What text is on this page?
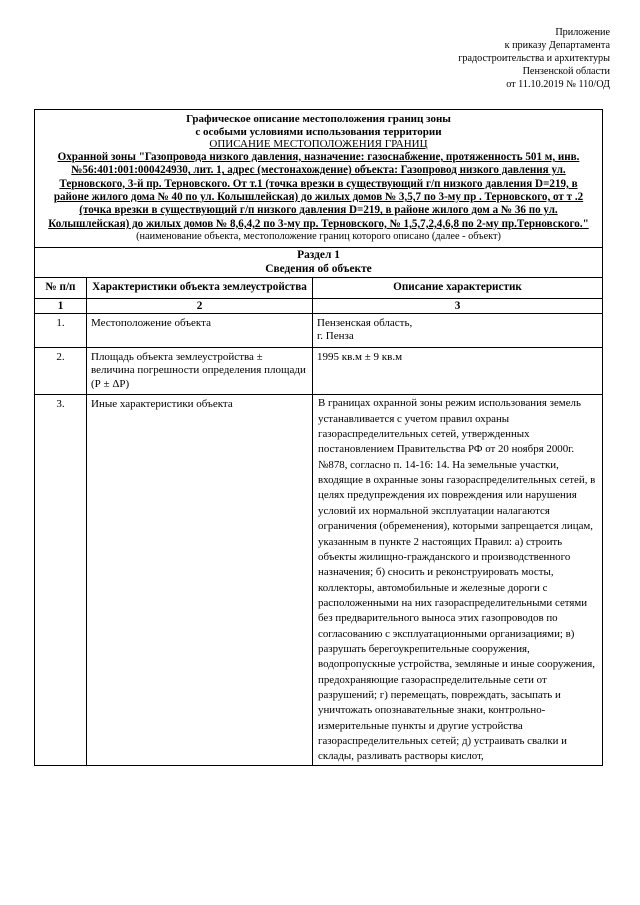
Приложение
к приказу Департамента
градостроительства и архитектуры
Пензенской области
от 11.10.2019 № 110/ОД
Графическое описание местоположения границ зоны
с особыми условиями использования территории
ОПИСАНИЕ МЕСТОПОЛОЖЕНИЯ ГРАНИЦ
Охранной зоны "Газопровода низкого давления, назначение: газоснабжение, протяженность 501 м, инв. №56:401:001:000424930, лит. 1, адрес (местонахождение) объекта: Газопровод низкого давления ул. Терновского, 3-й пр. Терновского. От т.1 (точка врезки в существующий г/п низкого давления D=219, в районе жилого дома № 40 по ул. Колышлейская) до жилых домов № 3,5,7 по 3-му пр . Терновского, от т .2 (точка врезки в существующий г/п низкого давления D=219, в районе жилого дом а № 36 по ул. Колышлейская) до жилых домов № 8,6,4,2 по 3-му пр. Терновского, № 1,5,7,2,4,6,8 по 2-му пр.Терновского."
(наименование объекта, местоположение границ которого описано (далее - объект)		

Раздел 1
Сведения об объекте		

№ п/п	Характеристики объекта землеустройства	Описание характеристик
1	2	3
1.	Местоположение объекта	Пензенская область,
г. Пенза

2.	Площадь объекта землеустройства ± величина погрешности определения площади (Р ± ΔР)	1995 кв.м ± 9 кв.м
3.	Иные характеристики объекта	В границах охранной зоны режим использования земель устанавливается с учетом правил охраны газораспределительных сетей, утвержденных постановлением Правительства РФ от 20 ноября 2000г. №878, согласно п. 14-16: 14. На земельные участки, входящие в охранные зоны газораспределительных сетей, в целях предупреждения их повреждения или нарушения условий их нормальной эксплуатации налагаются ограничения (обременения), которыми запрещается лицам, указанным в пункте 2 настоящих Правил: а) строить объекты жилищно-гражданского и производственного назначения; б) сносить и реконструировать мосты, коллекторы, автомобильные и железные дороги с расположенными на них газораспределительными сетями без предварительного выноса этих газопроводов по согласованию с эксплуатационными организациями; в) разрушать берегоукрепительные сооружения, водопропускные устройства, земляные и иные сооружения, предохраняющие газораспределительные сети от разрушений; г) перемещать, повреждать, засыпать и уничтожать опознавательные знаки, контрольно-измерительные пункты и другие устройства газораспределительных сетей; д) устраивать свалки и склады, разливать растворы кислот,
